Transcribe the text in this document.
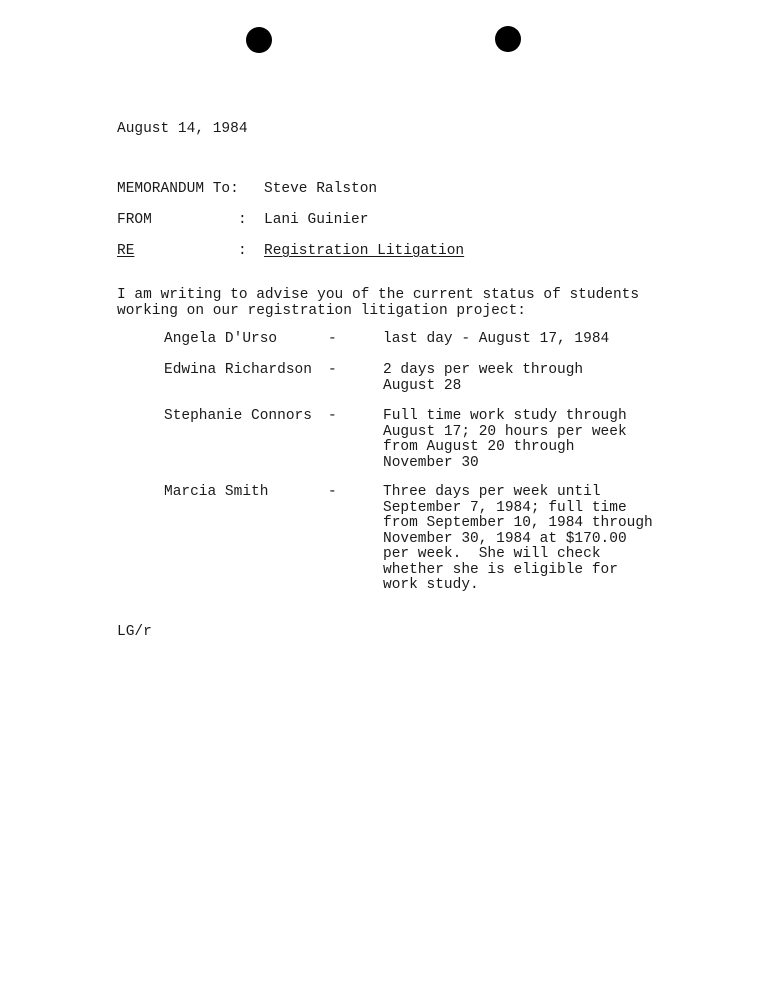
August 14, 1984
MEMORANDUM To: Steve Ralston
FROM	: Lani Guinier
RE	: Registration Litigation
I am writing to advise you of the current status of students
working on our registration litigation project:
Angela D'Urso	-	last day - August 17, 1984
Edwina Richardson -	2 days per week through
August 28
Stephanie Connors -	Full time work study through
August 17; 20 hours per week
from August 20 through
November 30
Marcia Smith	-	Three days per week until
September 7, 1984; full time
from September 10, 1984 through
November 30, 1984 at $170.00
per week.  She will check
whether she is eligible for
work study.
LG/r
